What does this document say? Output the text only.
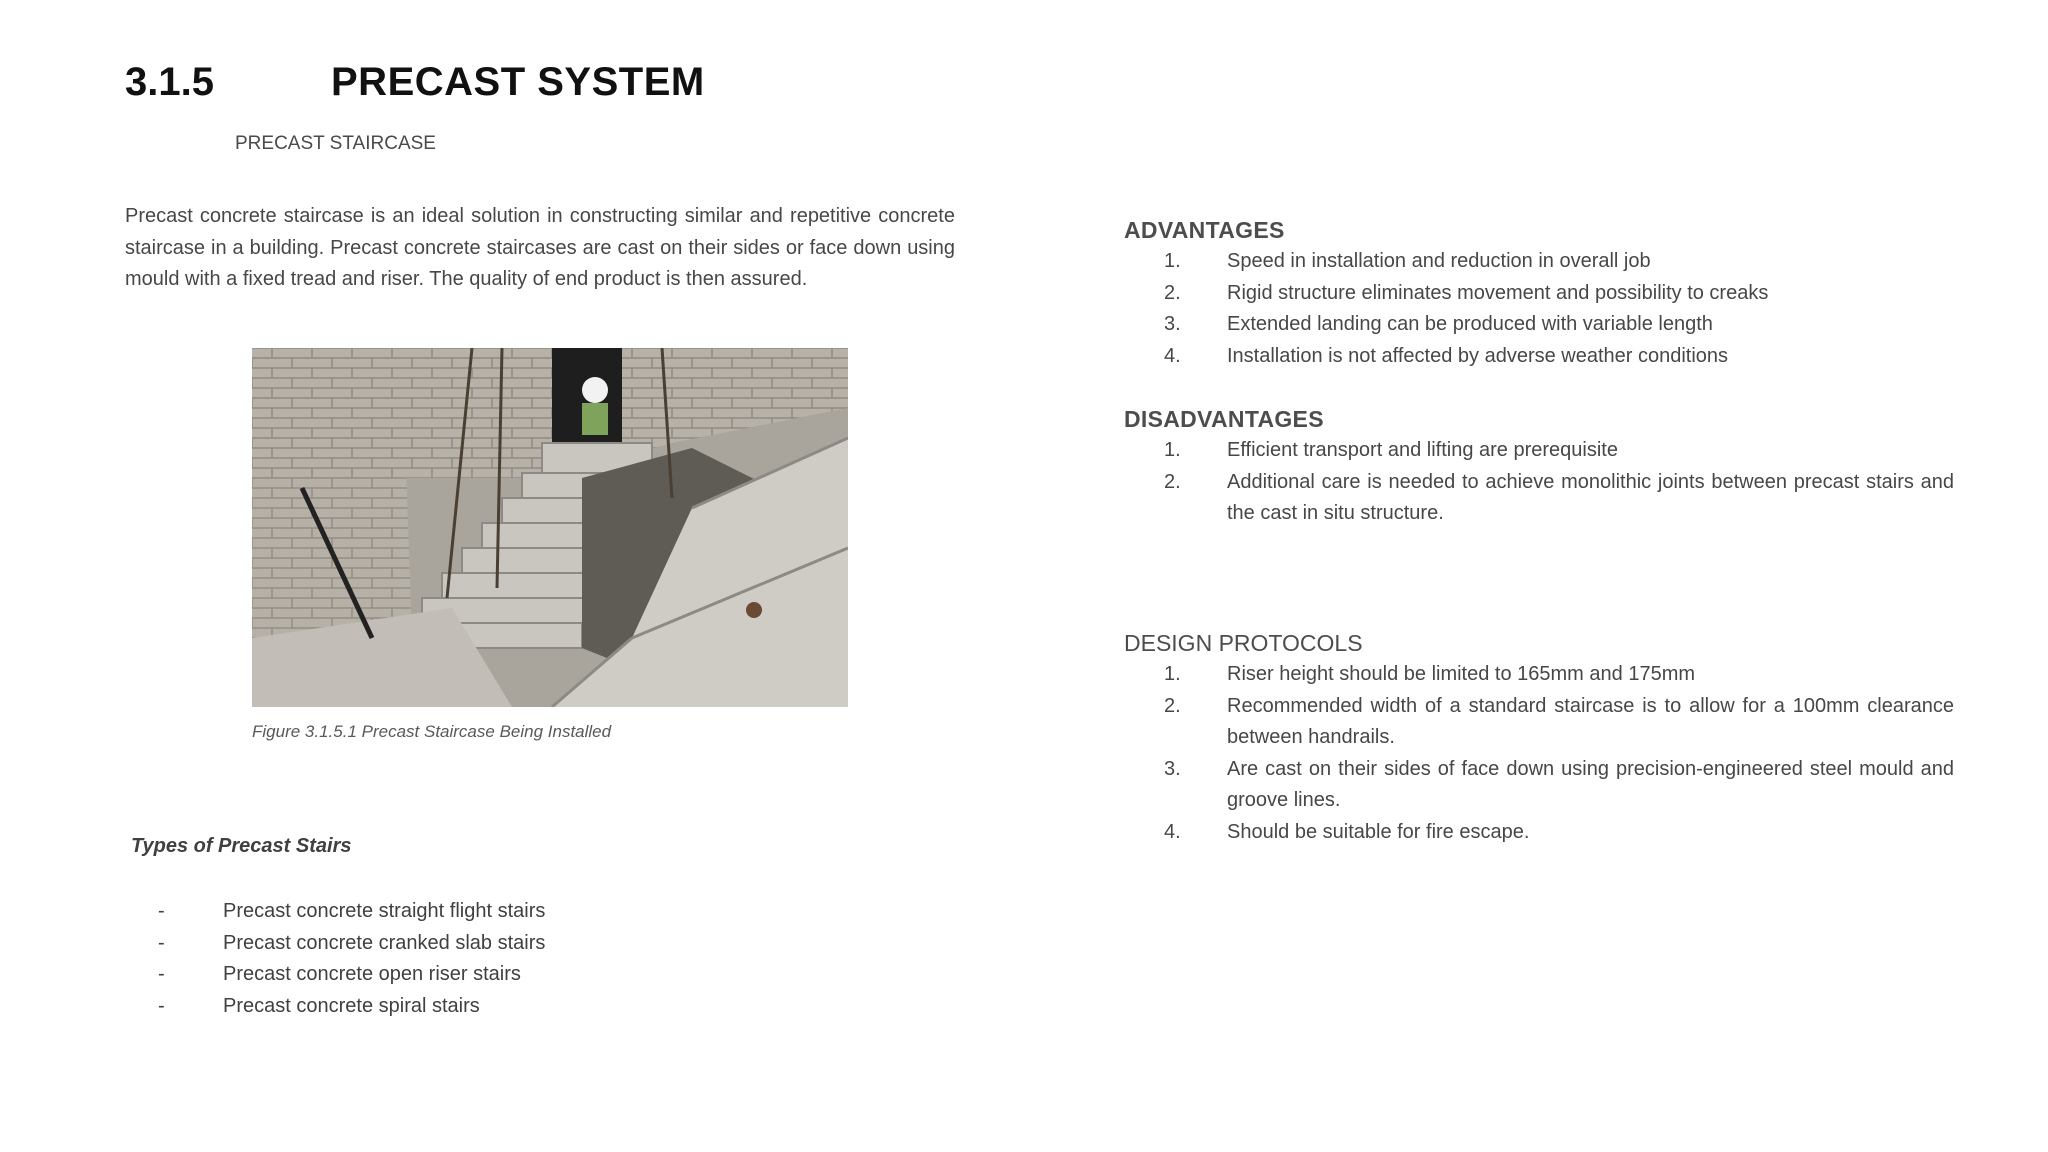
3.1.5	PRECAST SYSTEM
PRECAST STAIRCASE

Precast concrete staircase is an ideal solution in constructing similar and repetitive concrete staircase in a building. Precast concrete staircases are cast on their sides or face down using mould with a fixed tread and riser. The quality of end product is then assured.

Figure 3.1.5.1 Precast Staircase Being Installed
Types of Precast Stairs
-	Precast concrete straight flight stairs
-	Precast concrete cranked slab stairs
-	Precast concrete open riser stairs
-	Precast concrete spiral stairs
ADVANTAGES
1.	Speed in installation and reduction in overall job
2.	Rigid structure eliminates movement and possibility to creaks
3.	Extended landing can be produced with variable length
4.	Installation is not affected by adverse weather conditions
DISADVANTAGES
1.	Efficient transport and lifting are prerequisite
2.	Additional care is needed to achieve monolithic joints between precast stairs and the cast in situ structure.
DESIGN PROTOCOLS
1.	Riser height should be limited to 165mm and 175mm
2.	Recommended width of a standard staircase is to allow for a 100mm clearance between handrails.
3.	Are cast on their sides of face down using precision-engineered steel mould and groove lines.
4.	Should be suitable for fire escape.
